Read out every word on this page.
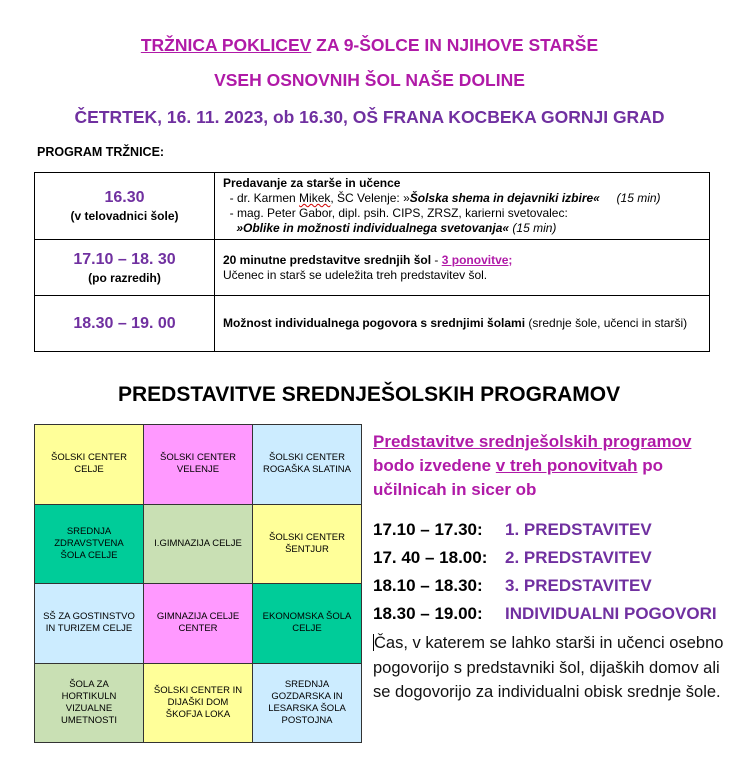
TRŽNICA POKLICEV ZA 9-ŠOLCE IN NJIHOVE STARŠE
VSEH OSNOVNIH ŠOL NAŠE DOLINE
ČETRTEK, 16. 11. 2023, ob 16.30, OŠ FRANA KOCBEKA GORNJI GRAD
PROGRAM TRŽNICE:
16.30
(v telovadnici šole)	Predavanje za starše in učence
- dr. Karmen Mikek, ŠC Velenje: »Šolska shema in dejavniki izbire«     (15 min)
- mag. Peter Gabor, dipl. psih. CIPS, ZRSZ, karierni svetovalec:
»Oblike in možnosti individualnega svetovanja« (15 min)

17.10 – 18. 30
(po razredih)	20 minutne predstavitve srednjih šol - 3 ponovitve;
Učenec in starš se udeležita treh predstavitev šol.

18.30 – 19. 00	Možnost individualnega pogovora s srednjimi šolami (srednje šole, učenci in starši)
PREDSTAVITVE SREDNJEŠOLSKIH PROGRAMOV
ŠOLSKI CENTER CELJE
ŠOLSKI CENTER VELENJE
ŠOLSKI CENTER ROGAŠKA SLATINA
SREDNJA ZDRAVSTVENA ŠOLA CELJE
I.GIMNAZIJA CELJE
ŠOLSKI CENTER ŠENTJUR
SŠ ZA GOSTINSTVO IN TURIZEM CELJE
GIMNAZIJA CELJE CENTER
EKONOMSKA ŠOLA CELJE
ŠOLA ZA HORTIKULN VIZUALNE UMETNOSTI
ŠOLSKI CENTER IN DIJAŠKI DOM ŠKOFJA LOKA
SREDNJA GOZDARSKA IN LESARSKA ŠOLA POSTOJNA
Predstavitve srednješolskih programov
bodo izvedene v treh ponovitvah po
učilnicah in sicer ob
17.10 – 17.30: 1. PREDSTAVITEV
17. 40 – 18.00: 2. PREDSTAVITEV
18.10 – 18.30: 3. PREDSTAVITEV
18.30 – 19.00: INDIVIDUALNI POGOVORI
Čas, v katerem se lahko starši in učenci osebno pogovorijo s predstavniki šol, dijaških domov ali se dogovorijo za individualni obisk srednje šole.
